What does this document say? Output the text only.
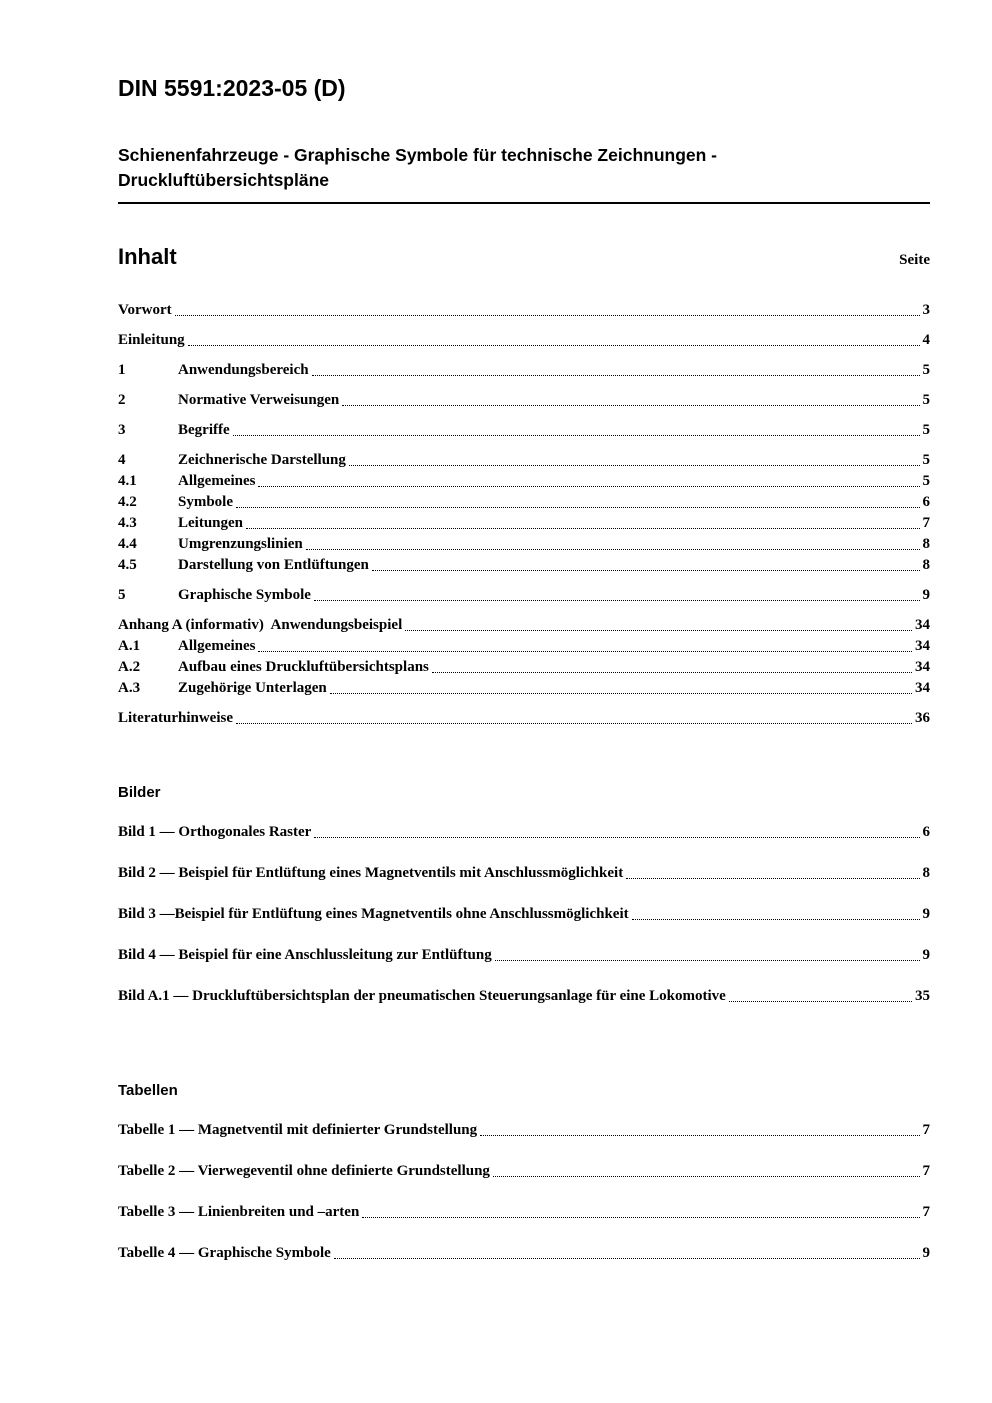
DIN 5591:2023-05 (D)
Schienenfahrzeuge - Graphische Symbole für technische Zeichnungen -
Druckluftübersichtspläne
Inhalt	Seite
Vorwort	3
Einleitung	4
1	Anwendungsbereich	5
2	Normative Verweisungen	5
3	Begriffe	5
4	Zeichnerische Darstellung	5
4.1	Allgemeines	5
4.2	Symbole	6
4.3	Leitungen	7
4.4	Umgrenzungslinien	8
4.5	Darstellung von Entlüftungen	8
5	Graphische Symbole	9
Anhang A (informativ)  Anwendungsbeispiel	34
A.1	Allgemeines	34
A.2	Aufbau eines Druckluftübersichtsplans	34
A.3	Zugehörige Unterlagen	34
Literaturhinweise	36
Bilder
Bild 1 — Orthogonales Raster	6
Bild 2 — Beispiel für Entlüftung eines Magnetventils mit Anschlussmöglichkeit	8
Bild 3 —Beispiel für Entlüftung eines Magnetventils ohne Anschlussmöglichkeit	9
Bild 4 — Beispiel für eine Anschlussleitung zur Entlüftung	9
Bild A.1 — Druckluftübersichtsplan der pneumatischen Steuerungsanlage für eine Lokomotive	35
Tabellen
Tabelle 1 — Magnetventil mit definierter Grundstellung	7
Tabelle 2 — Vierwegeventil ohne definierte Grundstellung	7
Tabelle 3 — Linienbreiten und –arten	7
Tabelle 4 — Graphische Symbole	9
